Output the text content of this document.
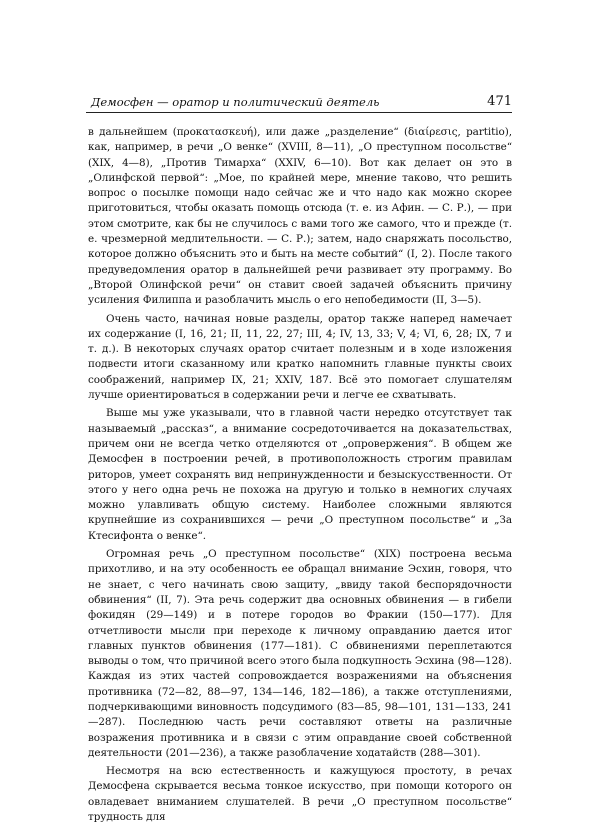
Демосфен — оратор и политический деятель	471

в дальнейшем (προκατασκευή), или даже „разделение“ (διαίρεσις, partitio), как, например, в речи „О венке“ (XVIII, 8—11), „О преступном посольстве“ (XIX, 4—8), „Против Тимарха“ (XXIV, 6—10). Вот как делает он это в „Олинфской первой“: „Мое, по крайней мере, мнение таково, что решить вопрос о посылке помощи надо сейчас же и что надо как можно скорее приготовиться, чтобы оказать помощь отсюда (т. е. из Афин. — С. Р.), — при этом смотрите, как бы не случилось с вами того же самого, что и прежде (т. е. чрезмерной медлительности. — С. Р.); затем, надо снаряжать посольство, которое должно объяснить это и быть на месте событий“ (I, 2). После такого предуведомления оратор в дальнейшей речи развивает эту программу. Во „Второй Олинфской речи“ он ставит своей задачей объяснить причину усиления Филиппа и разоблачить мысль о его непобедимости (II, 3—5).

Очень часто, начиная новые разделы, оратор также наперед намечает их содержание (I, 16, 21; II, 11, 22, 27; III, 4; IV, 13, 33; V, 4; VI, 6, 28; IX, 7 и т. д.). В некоторых случаях оратор считает полезным и в ходе изложения подвести итоги сказанному или кратко напомнить главные пункты своих соображений, например IX, 21; XXIV, 187. Всё это помогает слушателям лучше ориентироваться в содержании речи и легче ее схватывать.

Выше мы уже указывали, что в главной части нередко отсутствует так называемый „рассказ“, а внимание сосредоточивается на доказательствах, причем они не всегда четко отделяются от „опровержения“. В общем же Демосфен в построении речей, в противоположность строгим правилам риторов, умеет сохранять вид непринужденности и безыскусственности. От этого у него одна речь не похожа на другую и только в немногих случаях можно улавливать общую систему. Наиболее сложными являются крупнейшие из сохранившихся — речи „О преступном посольстве“ и „За Ктесифонта о венке“.

Огромная речь „О преступном посольстве“ (XIX) построена весьма прихотливо, и на эту особенность ее обращал внимание Эсхин, говоря, что не знает, с чего начинать свою защиту, „ввиду такой беспорядочности обвинения“ (II, 7). Эта речь содержит два основных обвинения — в гибели фокидян (29—149) и в потере городов во Фракии (150—177). Для отчетливости мысли при переходе к личному оправданию дается итог главных пунктов обвинения (177—181). С обвинениями переплетаются выводы о том, что причиной всего этого была подкупность Эсхина (98—128). Каждая из этих частей сопровождается возражениями на объяснения противника (72—82, 88—97, 134—146, 182—186), а также отступлениями, подчеркивающими виновность подсудимого (83—85, 98—101, 131—133, 241—287). Последнюю часть речи составляют ответы на различные возражения противника и в связи с этим оправдание своей собственной деятельности (201—236), а также разоблачение ходатайств (288—301).

Несмотря на всю естественность и кажущуюся простоту, в речах Демосфена скрывается весьма тонкое искусство, при помощи которого он овладевает вниманием слушателей. В речи „О преступном посольстве“ трудность для
